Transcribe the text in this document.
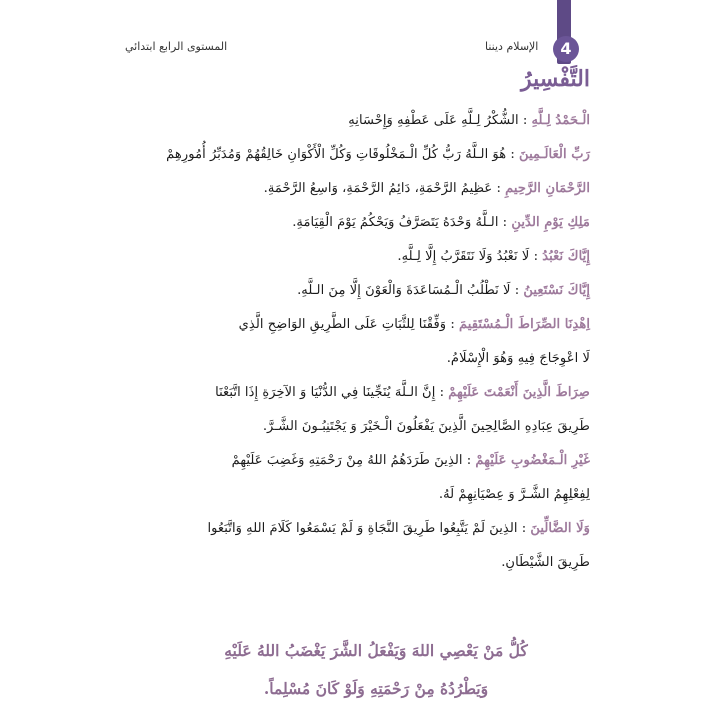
4
الإسلام ديننا
المستوى الرابع ابتدائي
التَّفْسِيرُ
الْـحَمْدُ لِـلَّهِ : الشُّكْرُ لِـلَّهِ عَلَى عَطْفِهِ وَإِحْسَانِهِ
رَبِّ الْعَالَـمِينَ : هُوَ الـلَّهُ رَبُّ كُلِّ الْـمَخْلُوقَاتِ وَكُلِّ الْأَكْوَانِ خَالِقُهُمْ وَمُدَبِّرُ أُمُورِهِمْ
الرَّحْمَانِ الرَّحِيمِ : عَظِيمُ الرَّحْمَةِ، دَائِمُ الرَّحْمَةِ، وَاسِعُ الرَّحْمَةِ.
مَلِكِ يَوْمِ الدِّينِ : الـلَّهُ وَحْدَهُ يَتَصَرَّفُ وَيَحْكُمُ يَوْمَ الْقِيَامَةِ.
إِيَّاكَ نَعْبُدُ : لَا نَعْبُدُ وَلَا نَتَقَرَّبُ إِلَّا لِـلَّهِ.
إِيَّاكَ نَسْتَعِينُ : لَا نَطْلُبُ الْـمُسَاعَدَةَ وَالْعَوْنَ إِلَّا مِنَ الـلَّهِ.
اِهْدِنَا الصِّرَاطَ الْـمُسْتَقِيمَ : وَفِّقْنَا لِلثَّبَاتِ عَلَى الطَّرِيقِ الوَاضِحِ الَّذِي
لَا اعْوِجَاجَ فِيهِ وَهُوَ الْإِسْلَامُ.
صِرَاطَ الَّذِينَ أَنْعَمْتَ عَلَيْهِمْ : إِنَّ الـلَّهَ يُنَجِّينَا فِي الدُّنْيَا وَ الآخِرَةِ إِذَا اتَّبَعْنَا
طَرِيقَ عِبَادِهِ الصَّالِحِينَ الَّذِينَ يَفْعَلُونَ الْـخَيْرَ وَ يَجْتَنِبُـونَ الشَّـرَّ.
غَيْرِ الْـمَغْضُوبِ عَلَيْهِمْ : الذِينَ طَرَدَهُمُ اللهُ مِنْ رَحْمَتِهِ وَغَضِبَ عَلَيْهِمْ
لِفِعْلِهِمُ الشَّـرَّ وَ عِصْيَانِهِمْ لَهُ.
وَلَا الضَّالِّينَ : الذِينَ لَمْ يَتَّبِعُوا طَرِيقَ النَّجَاةِ وَ لَمْ يَسْمَعُوا كَلَامَ اللهِ وَاتَّبَعُوا
طَرِيقَ الشَّيْطَانِ.
كُلُّ مَنْ يَعْصِي اللهَ وَيَفْعَلُ الشَّرَ يَغْضَبُ اللهُ عَلَيْهِ
وَيَطْرُدُهُ مِنْ رَحْمَتِهِ وَلَوْ كَانَ مُسْلِماً.
